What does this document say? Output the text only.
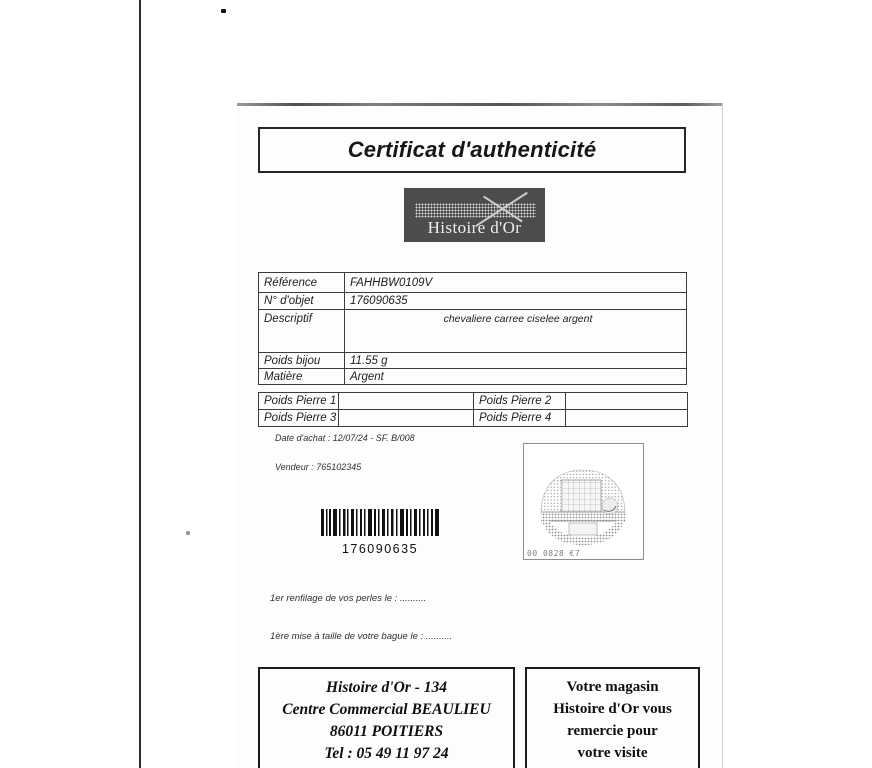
Certificat d'authenticité
Histoire d'Or
Référence	FAHHBW0109V
N° d'objet	176090635
Descriptif	chevaliere carree ciselee argent
Poids bijou	11.55 g
Matière	Argent
Poids Pierre 1		Poids Pierre 2	
Poids Pierre 3		Poids Pierre 4	
Date d'achat : 12/07/24 - SF. B/008
Vendeur : 765102345
00 0828 €7
176090635
1er renfilage de vos perles le : ..........
1ère mise à taille de votre bague le : ..........
Histoire d'Or - 134
Centre Commercial BEAULIEU
86011 POITIERS
Tel : 05 49 11 97 24
Votre magasin
Histoire d'Or vous
remercie pour
votre visite
